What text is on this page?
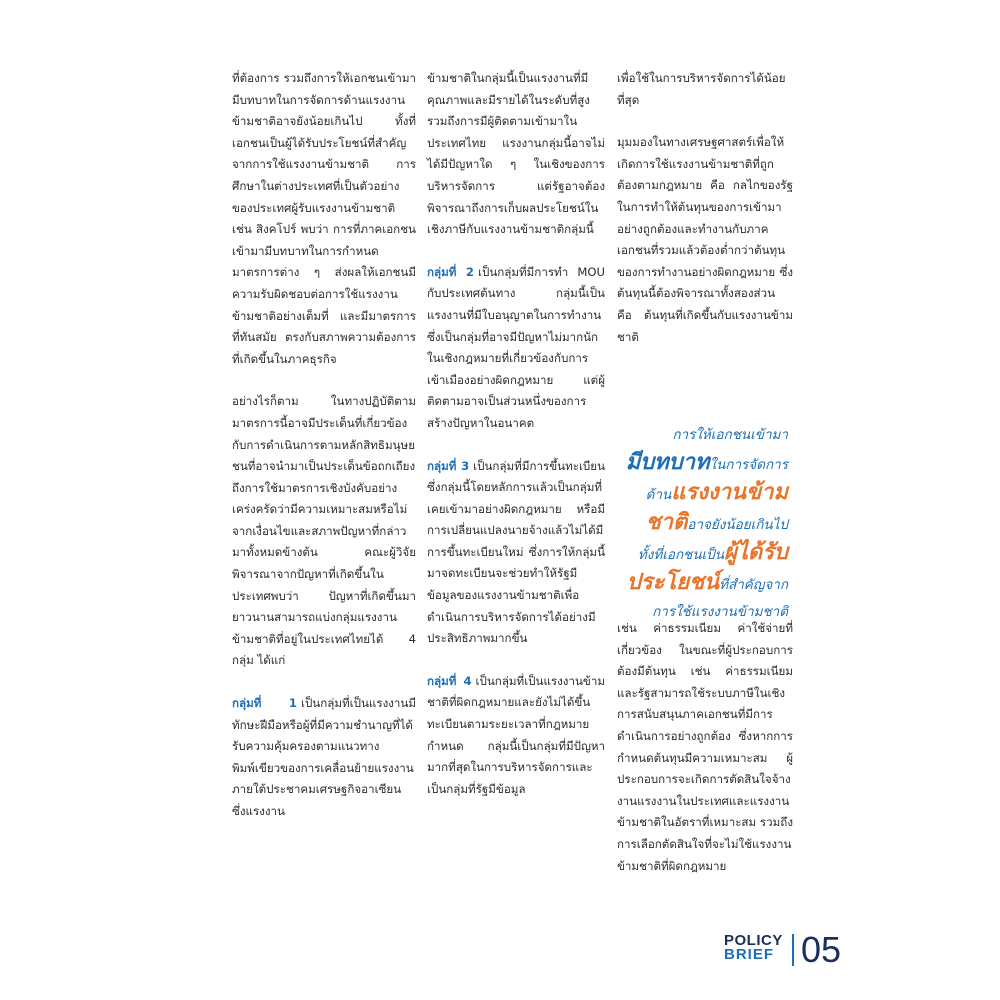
ที่ต้องการ รวมถึงการให้เอกชนเข้ามามีบทบาทในการจัดการด้านแรงงานข้ามชาติอาจยังน้อยเกินไป ทั้งที่เอกชนเป็นผู้ได้รับประโยชน์ที่สำคัญจากการใช้แรงงานข้ามชาติ การศึกษาในต่างประเทศที่เป็นตัวอย่างของประเทศผู้รับแรงงานข้ามชาติ เช่น สิงคโปร์ พบว่า การที่ภาคเอกชนเข้ามามีบทบาทในการกำหนดมาตรการต่าง ๆ ส่งผลให้เอกชนมีความรับผิดชอบต่อการใช้แรงงานข้ามชาติอย่างเต็มที่ และมีมาตรการที่ทันสมัย ตรงกับสภาพความต้องการที่เกิดขึ้นในภาคธุรกิจ

อย่างไรก็ตาม ในทางปฏิบัติตามมาตรการนี้อาจมีประเด็นที่เกี่ยวข้องกับการดำเนินการตามหลักสิทธิมนุษยชนที่อาจนำมาเป็นประเด็นข้อถกเถียงถึงการใช้มาตรการเชิงบังคับอย่างเคร่งครัดว่ามีความเหมาะสมหรือไม่ จากเงื่อนไขและสภาพปัญหาที่กล่าวมาทั้งหมดข้างต้น คณะผู้วิจัยพิจารณาจากปัญหาที่เกิดขึ้นในประเทศพบว่า ปัญหาที่เกิดขึ้นมายาวนานสามารถแบ่งกลุ่มแรงงานข้ามชาติที่อยู่ในประเทศไทยได้ 4 กลุ่ม ได้แก่

กลุ่มที่ 1 เป็นกลุ่มที่เป็นแรงงานมีทักษะฝีมือหรือผู้ที่มีความชำนาญที่ได้รับความคุ้มครองตามแนวทางพิมพ์เขียวของการเคลื่อนย้ายแรงงานภายใต้ประชาคมเศรษฐกิจอาเซียน ซึ่งแรงงาน

ข้ามชาติในกลุ่มนี้เป็นแรงงานที่มีคุณภาพและมีรายได้ในระดับที่สูง รวมถึงการมีผู้ติดตามเข้ามาในประเทศไทย แรงงานกลุ่มนี้อาจไม่ได้มีปัญหาใด ๆ ในเชิงของการบริหารจัดการ แต่รัฐอาจต้องพิจารณาถึงการเก็บผลประโยชน์ในเชิงภาษีกับแรงงานข้ามชาติกลุ่มนี้

กลุ่มที่ 2 เป็นกลุ่มที่มีการทำ MOU กับประเทศต้นทาง กลุ่มนี้เป็นแรงงานที่มีใบอนุญาตในการทำงาน ซึ่งเป็นกลุ่มที่อาจมีปัญหาไม่มากนักในเชิงกฎหมายที่เกี่ยวข้องกับการเข้าเมืองอย่างผิดกฎหมาย แต่ผู้ติดตามอาจเป็นส่วนหนึ่งของการสร้างปัญหาในอนาคต

กลุ่มที่ 3 เป็นกลุ่มที่มีการขึ้นทะเบียน ซึ่งกลุ่มนี้โดยหลักการแล้วเป็นกลุ่มที่เคยเข้ามาอย่างผิดกฎหมาย หรือมีการเปลี่ยนแปลงนายจ้างแล้วไม่ได้มีการขึ้นทะเบียนใหม่ ซึ่งการให้กลุ่มนี้มาจดทะเบียนจะช่วยทำให้รัฐมีข้อมูลของแรงงานข้ามชาติเพื่อดำเนินการบริหารจัดการได้อย่างมีประสิทธิภาพมากขึ้น

กลุ่มที่ 4 เป็นกลุ่มที่เป็นแรงงานข้ามชาติที่ผิดกฎหมายและยังไม่ได้ขึ้นทะเบียนตามระยะเวลาที่กฎหมายกำหนด กลุ่มนี้เป็นกลุ่มที่มีปัญหามากที่สุดในการบริหารจัดการและเป็นกลุ่มที่รัฐมีข้อมูล

เพื่อใช้ในการบริหารจัดการได้น้อยที่สุด

มุมมองในทางเศรษฐศาสตร์เพื่อให้เกิดการใช้แรงงานข้ามชาติที่ถูกต้องตามกฎหมาย คือ กลไกของรัฐในการทำให้ต้นทุนของการเข้ามาอย่างถูกต้องและทำงานกับภาคเอกชนที่รวมแล้วต้องต่ำกว่าต้นทุนของการทำงานอย่างผิดกฎหมาย ซึ่งต้นทุนนี้ต้องพิจารณาทั้งสองส่วน คือ ต้นทุนที่เกิดขึ้นกับแรงงานข้ามชาติ

การให้เอกชนเข้ามา
มีบทบาทในการจัดการ
ด้านแรงงานข้าม
ชาติอาจยังน้อยเกินไป
ทั้งที่เอกชนเป็นผู้ได้รับ
ประโยชน์ที่สำคัญจาก
การใช้แรงงานข้ามชาติ

เช่น ค่าธรรมเนียม ค่าใช้จ่ายที่เกี่ยวข้อง ในขณะที่ผู้ประกอบการต้องมีต้นทุน เช่น ค่าธรรมเนียม และรัฐสามารถใช้ระบบภาษีในเชิงการสนับสนุนภาคเอกชนที่มีการดำเนินการอย่างถูกต้อง ซึ่งหากการกำหนดต้นทุนมีความเหมาะสม ผู้ประกอบการจะเกิดการตัดสินใจจ้างงานแรงงานในประเทศและแรงงานข้ามชาติในอัตราที่เหมาะสม รวมถึงการเลือกตัดสินใจที่จะไม่ใช้แรงงานข้ามชาติที่ผิดกฎหมาย

POLICY
BRIEF 05
